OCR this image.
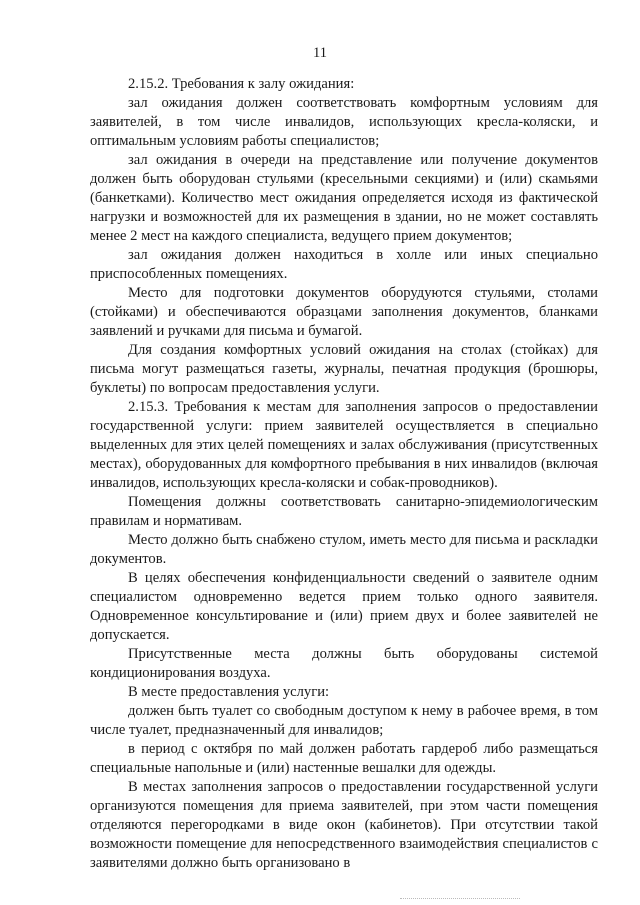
11

2.15.2. Требования к залу ожидания:

зал ожидания должен соответствовать комфортным условиям для заявителей, в том числе инвалидов, использующих кресла-коляски, и оптимальным условиям работы специалистов;

зал ожидания в очереди на представление или получение документов должен быть оборудован стульями (кресельными секциями) и (или) скамьями (банкетками). Количество мест ожидания определяется исходя из фактической нагрузки и возможностей для их размещения в здании, но не может составлять менее 2 мест на каждого специалиста, ведущего прием документов;

зал ожидания должен находиться в холле или иных специально приспособленных помещениях.

Место для подготовки документов оборудуются стульями, столами (стойками) и обеспечиваются образцами заполнения документов, бланками заявлений и ручками для письма и бумагой.

Для создания комфортных условий ожидания на столах (стойках) для письма могут размещаться газеты, журналы, печатная продукция (брошюры, буклеты) по вопросам предоставления услуги.

2.15.3. Требования к местам для заполнения запросов о предоставлении государственной услуги: прием заявителей осуществляется в специально выделенных для этих целей помещениях и залах обслуживания (присутственных местах), оборудованных для комфортного пребывания в них инвалидов (включая инвалидов, использующих кресла-коляски и собак-проводников).

Помещения должны соответствовать санитарно-эпидемиологическим правилам и нормативам.

Место должно быть снабжено стулом, иметь место для письма и раскладки документов.

В целях обеспечения конфиденциальности сведений о заявителе одним специалистом одновременно ведется прием только одного заявителя. Одновременное консультирование и (или) прием двух и более заявителей не допускается.

Присутственные места должны быть оборудованы системой кондиционирования воздуха.

В месте предоставления услуги:

должен быть туалет со свободным доступом к нему в рабочее время, в том числе туалет, предназначенный для инвалидов;

в период с октября по май должен работать гардероб либо размещаться специальные напольные и (или) настенные вешалки для одежды.

В местах заполнения запросов о предоставлении государственной услуги организуются помещения для приема заявителей, при этом части помещения отделяются перегородками в виде окон (кабинетов). При отсутствии такой возможности помещение для непосредственного взаимодействия специалистов с заявителями должно быть организовано в
